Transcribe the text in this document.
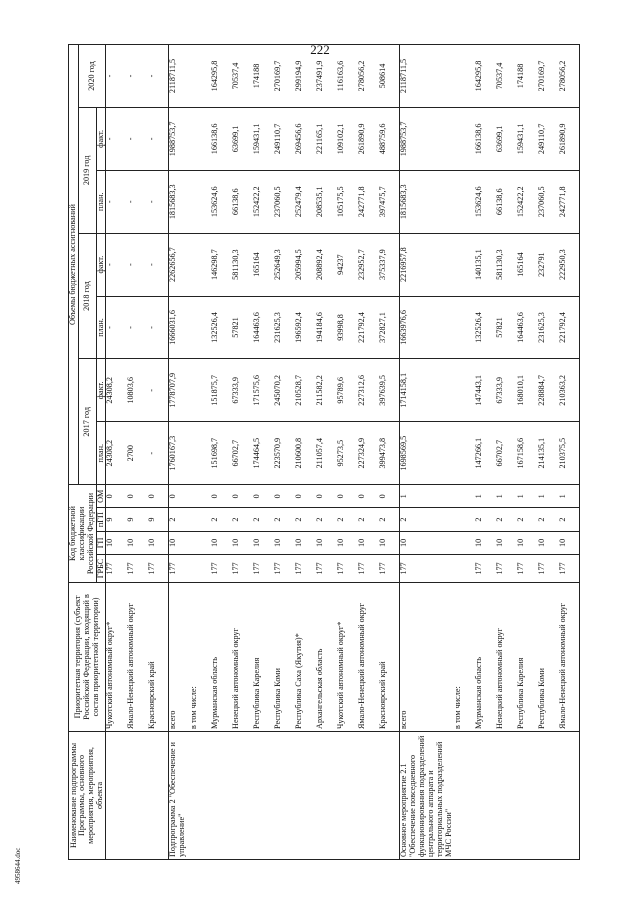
222
4958644.doc
Наименование подпрограммы Программы, основного мероприятия, мероприятия, объекта	Приоритетная территория (субъект Российской Федерации, входящий в состав приоритетной территории)	Код бюджетной классификации Российской Федерации				Объемы бюджетных ассигнований						
						2017 год		2018 год		2019 год		2020 год
		ГРБС	ГП	пГП	ОМ	план.	факт.	план.	факт.	план.	факт.	
	Чукотский автономный округ*	177	10	9	0	24308,2	24308,2	-	-	-	-	-
	Ямало-Ненецкий автономный округ	177	10	9	0	2700	10803,6	-	-	-	-	-
	Красноярский край	177	10	9	0	-	-	-	-	-	-	-
Подпрограмма 2 "Обеспечение и управление"	всего	177	10	2	0	1760167,3	1778707,9	1666031,6	2262656,7	1815683,3	1988753,7	2118711,5
	в том числе:											
	Мурманская область	177	10	2	0	151698,7	151875,7	132526,4	146298,7	153624,6	166138,6	164295,8
	Ненецкий автономный округ	177	10	2	0	66702,7	67333,9	57821	581130,3	66138,6	63699,1	70537,4
	Республика Карелия	177	10	2	0	174464,5	171575,6	164463,6	165164	152422,2	159431,1	174188
	Республика Коми	177	10	2	0	223570,9	245070,2	231625,3	252649,3	237060,5	249110,7	270169,7
	Республика Саха (Якутия)*	177	10	2	0	210600,8	210528,7	196592,4	205994,5	252479,4	269456,6	299194,9
	Архангельская область	177	10	2	0	211057,4	211582,2	194184,6	208892,4	208535,1	221165,1	237491,9
	Чукотский автономный округ*	177	10	2	0	95273,5	95789,6	93998,8	94237	105175,5	109102,1	116163,6
	Ямало-Ненецкий автономный округ	177	10	2	0	227324,9	227312,6	221792,4	232952,7	242771,8	261890,9	278056,2
	Красноярский край	177	10	2	0	399473,8	397639,5	372827,1	375337,9	397475,7	488759,6	508614
Основное мероприятие 2.1 "Обеспечение повседневного функционирования подразделений центрального аппарата и территориальных подразделений МЧС России"	всего	177	10	2	1	1698569,5	1714158,1	1663976,6	2216957,8	1815683,3	1988753,7	2118711,5
	в том числе:											
	Мурманская область	177	10	2	1	147266,1	147443,1	132526,4	140135,1	153624,6	166138,6	164295,8
	Ненецкий автономный округ	177	10	2	1	66702,7	67333,9	57821	581130,3	66138,6	63699,1	70537,4
	Республика Карелия	177	10	2	1	167158,6	168010,1	164463,6	165164	152422,2	159431,1	174188
	Республика Коми	177	10	2	1	214135,1	228884,7	231625,3	232791	237060,5	249110,7	270169,7
	Ямало-Ненецкий автономный округ	177	10	2	1	210375,5	210363,2	221792,4	222950,3	242771,8	261890,9	278056,2
